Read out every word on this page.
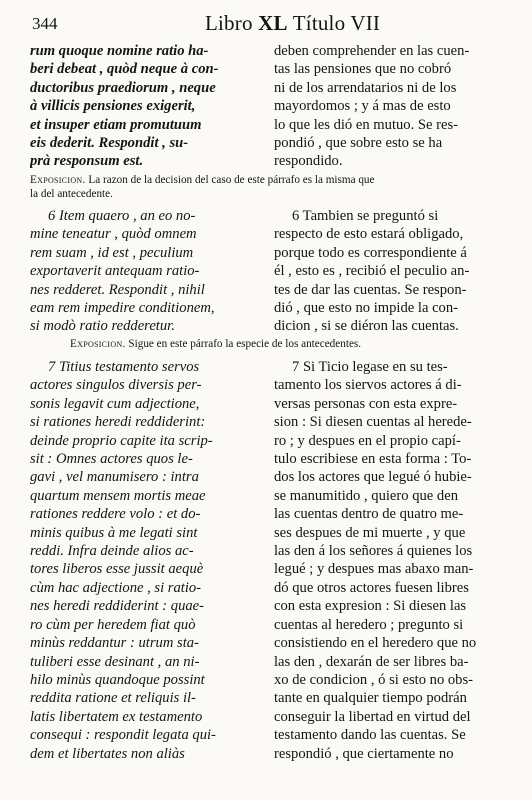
344	Libro XL Título VII
rum quoque nomine ratio ha-
beri debeat , quòd neque à con-
ductoribus praediorum , neque
à villicis pensiones exigerit,
et insuper etiam promutuum
eis dederit. Respondit , su-
prà responsum est.
deben comprehender en las cuen-
tas las pensiones que no cobró
ni de los arrendatarios ni de los
mayordomos ; y á mas de esto
lo que les dió en mutuo. Se res-
pondió , que sobre esto se ha
respondido.
Exposicion. La razon de la decision del caso de este párrafo es la misma que
la del antecedente.
6 Item quaero , an eo no-
mine teneatur , quòd omnem
rem suam , id est , peculium
exportaverit antequam ratio-
nes redderet. Respondit , nihil
eam rem impedire conditionem,
si modò ratio redderetur.
6 Tambien se preguntó si
respecto de esto estará obligado,
porque todo es correspondiente á
él , esto es , recibió el peculio an-
tes de dar las cuentas. Se respon-
dió , que esto no impide la con-
dicion , si se diéron las cuentas.
Exposicion. Sigue en este párrafo la especie de los antecedentes.
7 Titius testamento servos
actores singulos diversis per-
sonis legavit cum adjectione,
si rationes heredi reddiderint:
deinde proprio capite ita scrip-
sit : Omnes actores quos le-
gavi , vel manumisero : intra
quartum mensem mortis meae
rationes reddere volo : et do-
minis quibus à me legati sint
reddi. Infra deinde alios ac-
tores liberos esse jussit aequè
cùm hac adjectione , si ratio-
nes heredi reddiderint : quae-
ro cùm per heredem fiat quò
minùs reddantur : utrum sta-
tuliberi esse desinant , an ni-
hilo minùs quandoque possint
reddita ratione et reliquis il-
latis libertatem ex testamento
consequi : respondit legata qui-
dem et libertates non aliàs
7 Si Ticio legase en su tes-
tamento los siervos actores á di-
versas personas con esta expre-
sion : Si diesen cuentas al herede-
ro ; y despues en el propio capí-
tulo escribiese en esta forma : To-
dos los actores que legué ó hubie-
se manumitido , quiero que den
las cuentas dentro de quatro me-
ses despues de mi muerte , y que
las den á los señores á quienes los
legué ; y despues mas abaxo man-
dó que otros actores fuesen libres
con esta expresion : Si diesen las
cuentas al heredero ; pregunto si
consistiendo en el heredero que no
las den , dexarán de ser libres ba-
xo de condicion , ó si esto no obs-
tante en qualquier tiempo podrán
conseguir la libertad en virtud del
testamento dando las cuentas. Se
respondió , que ciertamente no
